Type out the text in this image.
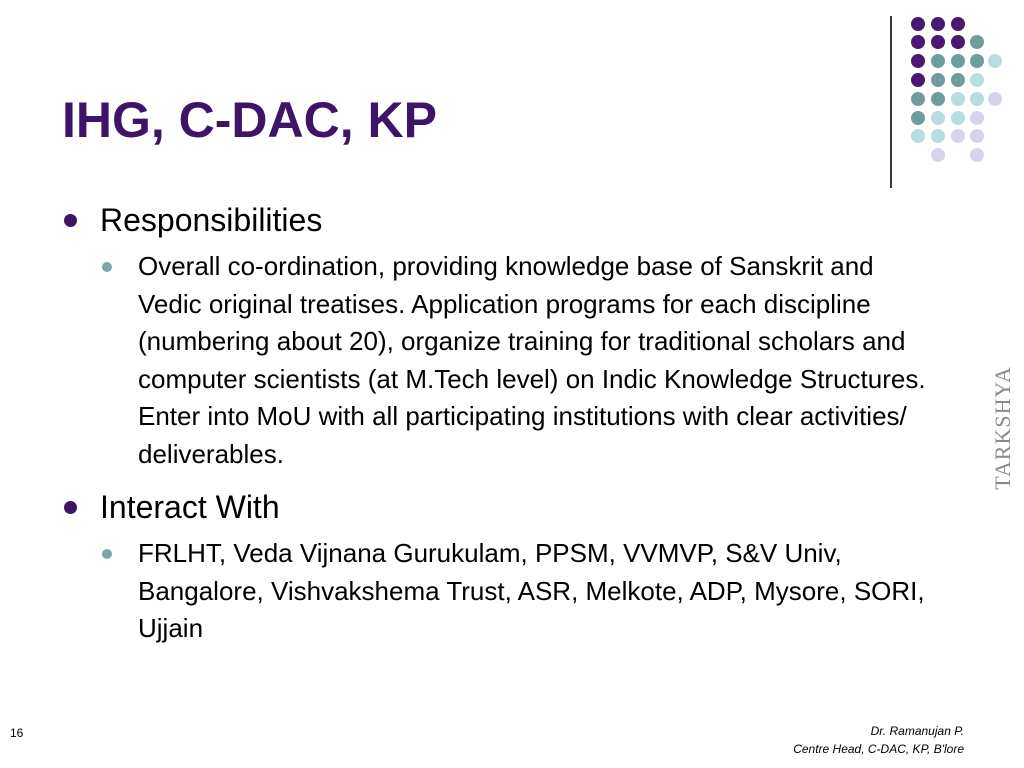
IHG, C-DAC, KP
Responsibilities
Overall co-ordination, providing knowledge base of Sanskrit and Vedic original treatises. Application programs for each discipline (numbering about 20), organize training for traditional scholars and computer scientists (at M.Tech level) on Indic Knowledge Structures. Enter into MoU with all participating institutions with clear activities/ deliverables.
Interact With
FRLHT, Veda Vijnana Gurukulam, PPSM, VVMVP, S&V Univ, Bangalore, Vishvakshema Trust, ASR, Melkote, ADP, Mysore, SORI, Ujjain
TARKSHYA
16	Dr. Ramanujan P.
Centre Head, C-DAC, KP, B'lore
